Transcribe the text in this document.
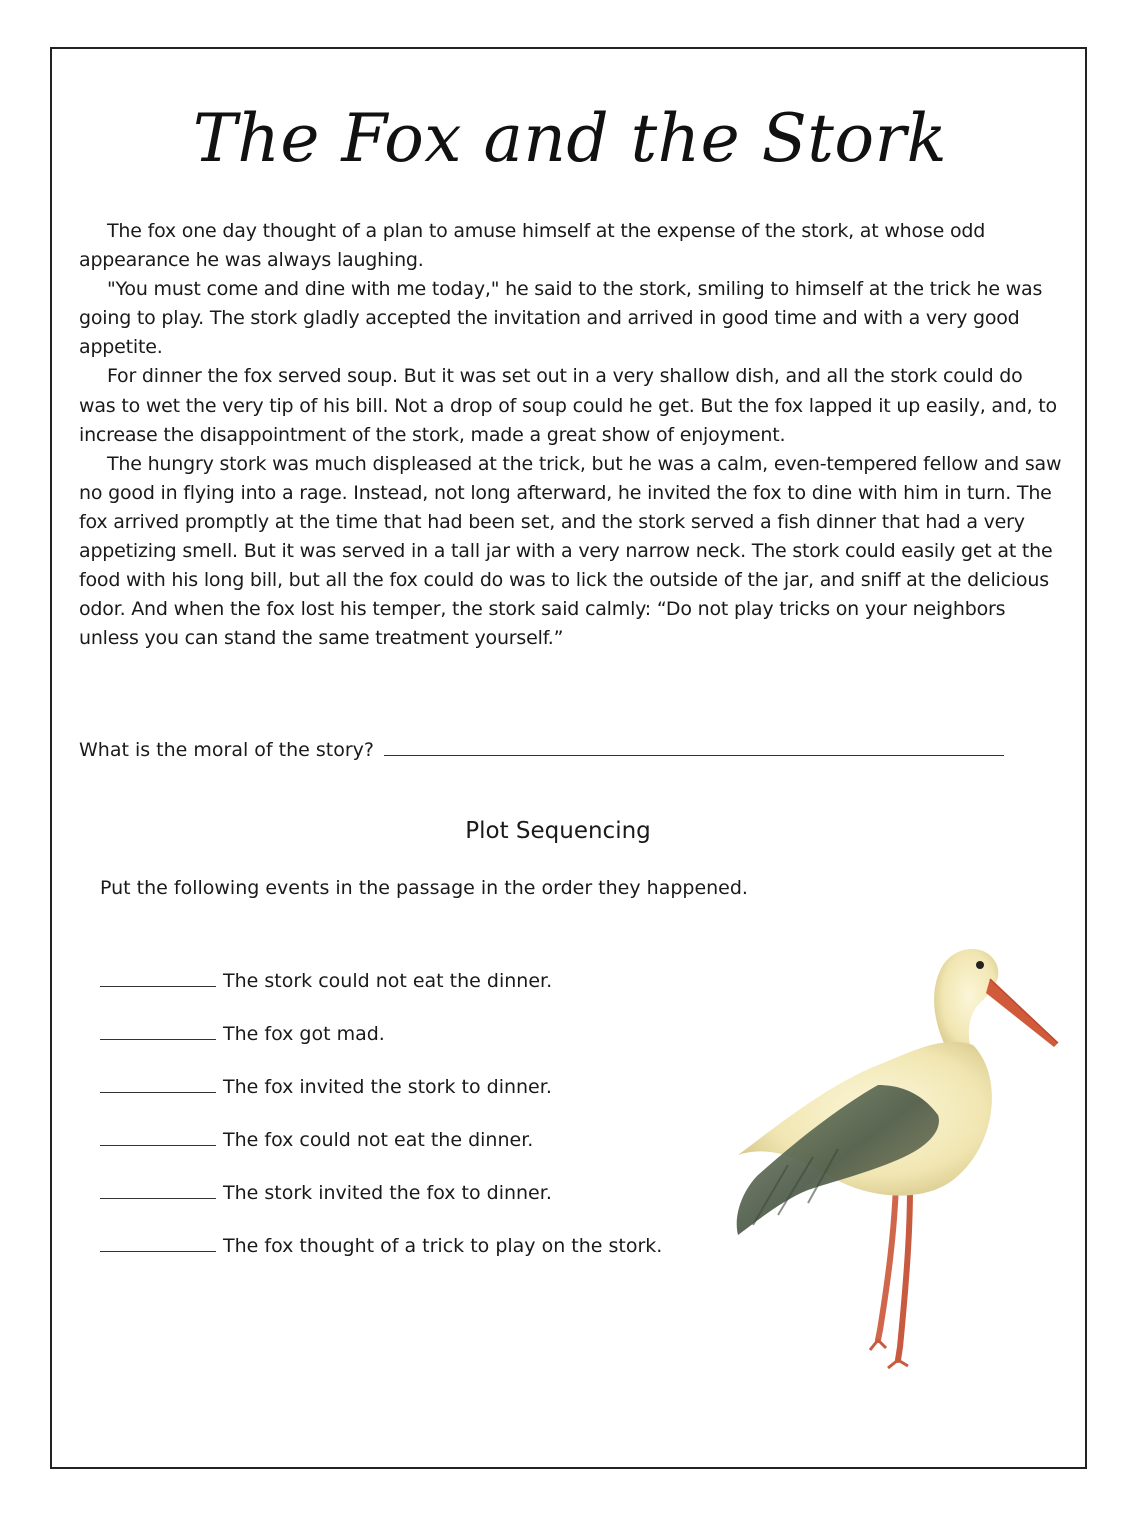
The Fox and the Stork

The fox one day thought of a plan to amuse himself at the expense of the stork, at whose odd appearance he was always laughing.

"You must come and dine with me today," he said to the stork, smiling to himself at the trick he was going to play. The stork gladly accepted the invitation and arrived in good time and with a very good appetite.

For dinner the fox served soup. But it was set out in a very shallow dish, and all the stork could do was to wet the very tip of his bill. Not a drop of soup could he get. But the fox lapped it up easily, and, to increase the disappointment of the stork, made a great show of enjoyment.

The hungry stork was much displeased at the trick, but he was a calm, even-tempered fellow and saw no good in flying into a rage. Instead, not long afterward, he invited the fox to dine with him in turn. The fox arrived promptly at the time that had been set, and the stork served a fish dinner that had a very appetizing smell. But it was served in a tall jar with a very narrow neck. The stork could easily get at the food with his long bill, but all the fox could do was to lick the outside of the jar, and sniff at the delicious odor. And when the fox lost his temper, the stork said calmly: “Do not play tricks on your neighbors unless you can stand the same treatment yourself.”

What is the moral of the story?
Plot Sequencing
Put the following events in the passage in the order they happened.
The stork could not eat the dinner.
The fox got mad.
The fox invited the stork to dinner.
The fox could not eat the dinner.
The stork invited the fox to dinner.
The fox thought of a trick to play on the stork.
